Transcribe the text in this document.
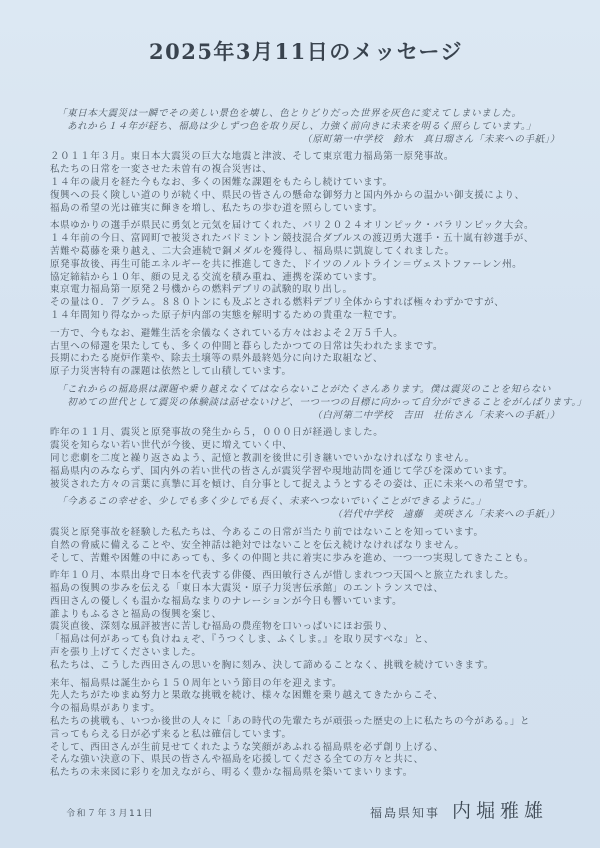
2025年3月11日のメッセージ
「東日本大震災は一瞬でその美しい景色を壊し、色とりどりだった世界を灰色に変えてしまいました。
　あれから１４年が経ち、福島は少しずつ色を取り戻し、力強く前向きに未来を明るく照らしています。」
（原町第一中学校　鈴木　真日瑠さん「未来への手紙」）
２０１１年３月。東日本大震災の巨大な地震と津波、そして東京電力福島第一原発事故。
私たちの日常を一変させた未曽有の複合災害は、
１４年の歳月を経た今もなお、多くの困難な課題をもたらし続けています。
復興への長く険しい道のりが続く中、県民の皆さんの懸命な御努力と国内外からの温かい御支援により、
福島の希望の光は確実に輝きを増し、私たちの歩む道を照らしています。
本県ゆかりの選手が県民に勇気と元気を届けてくれた、パリ２０２４オリンピック・パラリンピック大会。
１４年前の今日、富岡町で被災されたバドミントン競技混合ダブルスの渡辺勇大選手・五十嵐有紗選手が、
苦難や葛藤を乗り越え、二大会連続で銅メダルを獲得し、福島県に凱旋してくれました。
原発事故後、再生可能エネルギーを共に推進してきた、ドイツのノルトライン＝ヴェストファーレン州。
協定締結から１０年、顔の見える交流を積み重ね、連携を深めています。
東京電力福島第一原発２号機からの燃料デブリの試験的取り出し。
その量は０．７グラム。８８０トンにも及ぶとされる燃料デブリ全体からすれば極々わずかですが、
１４年間知り得なかった原子炉内部の実態を解明するための貴重な一粒です。
一方で、今もなお、避難生活を余儀なくされている方々はおよそ２万５千人。
古里への帰還を果たしても、多くの仲間と暮らしたかつての日常は失われたままです。
長期にわたる廃炉作業や、除去土壌等の県外最終処分に向けた取組など、
原子力災害特有の課題は依然として山積しています。
「これからの福島県は課題や乗り越えなくてはならないことがたくさんあります。僕は震災のことを知らない
　初めての世代として震災の体験談は話せないけど、一つ一つの目標に向かって自分ができることをがんばります。」
（白河第二中学校　吉田　壮佑さん「未来への手紙」）
昨年の１１月、震災と原発事故の発生から５，０００日が経過しました。
震災を知らない若い世代が今後、更に増えていく中、
同じ悲劇を二度と繰り返さぬよう、記憶と教訓を後世に引き継いでいかなければなりません。
福島県内のみならず、国内外の若い世代の皆さんが震災学習や現地訪問を通じて学びを深めています。
被災された方々の言葉に真摯に耳を傾け、自分事として捉えようとするその姿は、正に未来への希望です。
「今あるこの幸せを、少しでも多く少しでも長く、未来へつないでいくことができるように。」
（岩代中学校　遠藤　美咲さん「未来への手紙」）
震災と原発事故を経験した私たちは、今あるこの日常が当たり前ではないことを知っています。
自然の脅威に備えることや、安全神話は絶対ではないことを伝え続けなければなりません。
そして、苦難や困難の中にあっても、多くの仲間と共に着実に歩みを進め、一つ一つ実現してきたことも。
昨年１０月、本県出身で日本を代表する俳優、西田敏行さんが惜しまれつつ天国へと旅立たれました。
福島の復興の歩みを伝える「東日本大震災・原子力災害伝承館」のエントランスでは、
西田さんの優しくも温かな福島なまりのナレーションが今日も響いています。
誰よりもふるさと福島の復興を案じ、
震災直後、深刻な風評被害に苦しむ福島の農産物を口いっぱいにほお張り、
「福島は何があっても負けねぇぞ、『うつくしま、ふくしま。』を取り戻すべな」と、
声を張り上げてくださいました。
私たちは、こうした西田さんの思いを胸に刻み、決して諦めることなく、挑戦を続けていきます。
来年、福島県は誕生から１５０周年という節目の年を迎えます。
先人たちがたゆまぬ努力と果敢な挑戦を続け、様々な困難を乗り越えてきたからこそ、
今の福島県があります。
私たちの挑戦も、いつか後世の人々に「あの時代の先輩たちが頑張った歴史の上に私たちの今がある。」と
言ってもらえる日が必ず来ると私は確信しています。
そして、西田さんが生前見せてくれたような笑顔があふれる福島県を必ず創り上げる、
そんな強い決意の下、県民の皆さんや福島を応援してくださる全ての方々と共に、
私たちの未来図に彩りを加えながら、明るく豊かな福島県を築いてまいります。
令和７年３月11日	福島県知事 内堀雅雄
